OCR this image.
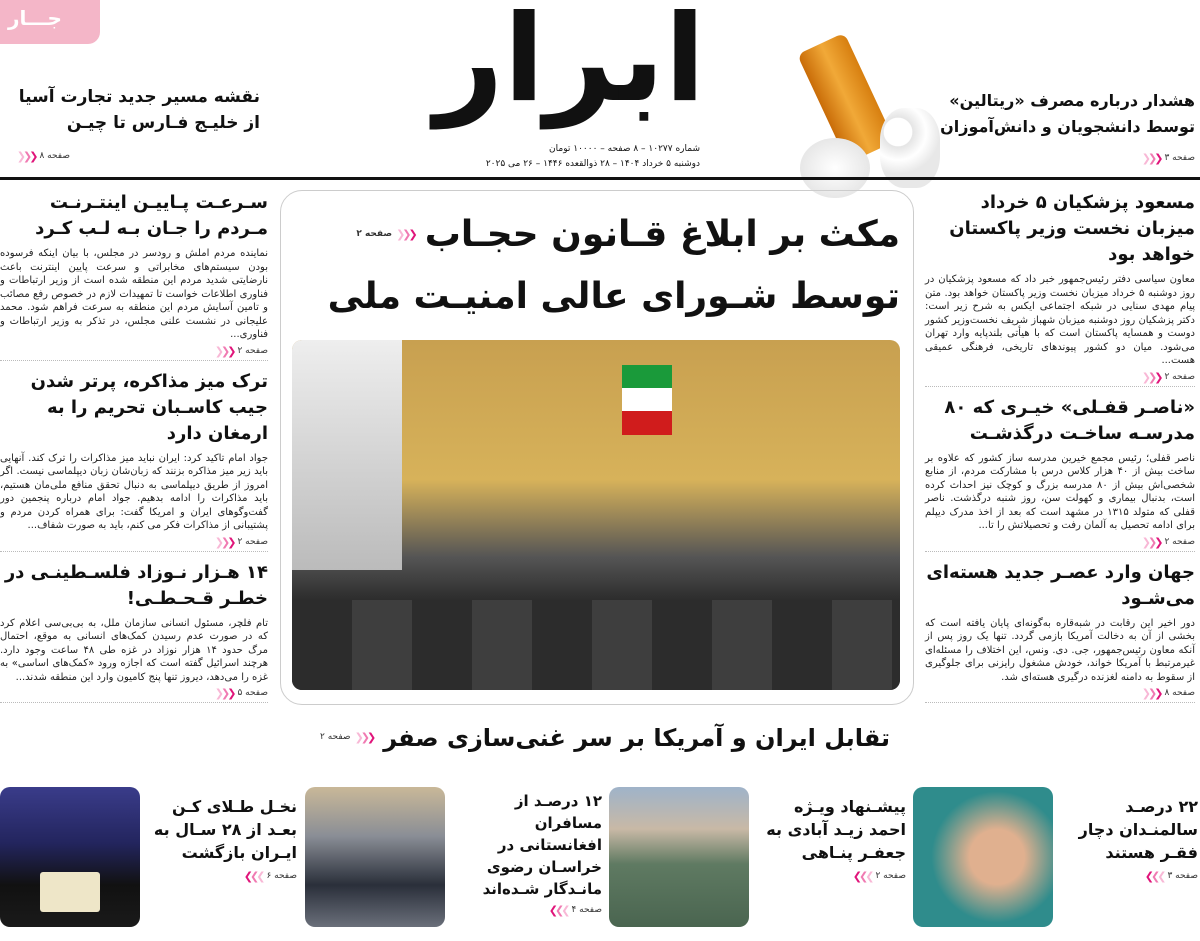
جـــار
نقشه مسیر جدید تجارت آسیا
از خلیـج فـارس تا چیـن
صفحه ۸
❮❮❮
ابرار
شماره ۱۰۲۷۷ – ۸ صفحه – ۱۰۰۰۰ تومان
دوشنبه ۵ خرداد ۱۴۰۴ – ۲۸ ذوالقعده ۱۴۴۶ – ۲۶ می ۲۰۲۵
هشدار درباره مصرف «ریتالین»
توسط دانشجویان و دانش‌آموزان
صفحه ۳
❮❮❮
مکث بر ابلاغ قـانون حجـاب
❮❮❮
صفحه ۲
توسط شـورای عالی امنیـت ملی
تقابل ایران و آمریکا بر سر غنی‌سازی صفر
❮❮❮
صفحه ۲
مسعود پزشکیان ۵ خرداد میزبان نخست وزیر پاکستان خواهد بود
معاون سیاسی دفتر رئیس‌جمهور خبر داد که مسعود پزشکیان در روز دوشنبه ۵ خرداد میزبان نخست وزیر پاکستان خواهد بود. متن پیام مهدی سنایی در شبکه اجتماعی ایکس به شرح زیر است: دکتر پزشکیان روز دوشنبه میزبان شهباز شریف نخست‌وزیر کشور دوست و همسایه پاکستان است که با هیأتی بلندپایه وارد تهران می‌شود. میان دو کشور پیوندهای تاریخی، فرهنگی عمیقی هست...
صفحه ۲
❮❮❮
«ناصـر قفـلی» خیـری که ۸۰ مدرسـه ساخـت درگذشـت
ناصر قفلی؛ رئیس مجمع خیرین مدرسه ساز کشور که علاوه بر ساخت بیش از ۴۰ هزار کلاس درس با مشارکت مردم، از منابع شخصی‌اش بیش از ۸۰ مدرسه بزرگ و کوچک نیز احداث کرده است، بدنبال بیماری و کهولت سن، روز شنبه درگذشت. ناصر قفلی که متولد ۱۳۱۵ در مشهد است که بعد از اخذ مدرک دیپلم برای ادامه تحصیل به آلمان رفت و تحصیلاتش را تا...
صفحه ۲
❮❮❮
جهان وارد عصـر جدید هسته‌ای می‌شـود
دور اخیر این رقابت در شبه‌قاره به‌گونه‌ای پایان یافته است که بخشی از آن به دخالت آمریکا بازمی گردد. تنها یک روز پس از آنکه معاون رئیس‌جمهور، جی. دی. ونس، این اختلاف را مسئله‌ای غیرمرتبط با آمریکا خواند، خودش مشغول رایزنی برای جلوگیری از سقوط به دامنه لغزنده درگیری هسته‌ای شد.
صفحه ۸
❮❮❮
سـرعـت پـاییـن اینتـرنـت مـردم را جـان بـه لـب کـرد
نماینده مردم املش و رودسر در مجلس، با بیان اینکه فرسوده بودن سیستم‌های مخابراتی و سرعت پایین اینترنت باعث نارضایتی شدید مردم این منطقه شده است از وزیر ارتباطات و فناوری اطلاعات خواست تا تمهیدات لازم در خصوص رفع مصائب و تامین آسایش مردم این منطقه به سرعت فراهم شود. محمد علیجانی در نشست علنی مجلس، در تذکر به وزیر ارتباطات و فناوری...
صفحه ۲
❮❮❮
ترک میز مذاکره، پرتر شدن جیب کاسـبان تحریم را به ارمغان دارد
جواد امام تاکید کرد: ایران نباید میز مذاکرات را ترک کند. آنهایی باید زیر میز مذاکره بزنند که زبان‌شان زبان دیپلماسی نیست. اگر امروز از طریق دیپلماسی به دنبال تحقق منافع ملی‌مان هستیم، باید مذاکرات را ادامه بدهیم. جواد امام درباره پنجمین دور گفت‌وگوهای ایران و امریکا گفت: برای همراه کردن مردم و پشتیبانی از مذاکرات فکر می کنم، باید به صورت شفاف...
صفحه ۲
❮❮❮
۱۴ هـزار نـوزاد فلسـطینـی در خطـر قـحـطـی!
تام فلچر، مسئول انسانی سازمان ملل، به بی‌بی‌سی اعلام کرد که در صورت عدم رسیدن کمک‌های انسانی به موقع، احتمال مرگ حدود ۱۴ هزار نوزاد در غزه طی ۴۸ ساعت وجود دارد. هرچند اسرائیل گفته است که اجازه ورود «کمک‌های اساسی» به غزه را می‌دهد، دیروز تنها پنج کامیون وارد این منطقه شدند...
صفحه ۵
❮❮❮
۲۲ درصـد سالمنـدان دچار فقـر هستند
❮❮❮ صفحه ۳
پیشـنهاد ویـژه احمد زیـد آبادی به جعفـر پنـاهی
❮❮❮ صفحه ۲
۱۲ درصـد از مسافران افغانستانی در خراسـان رضوی مانـدگار شـده‌اند
❮❮❮ صفحه ۴
نخـل طـلای کـن بعـد از ۲۸ سـال به ایـران بازگشت
❮❮❮ صفحه ۶
